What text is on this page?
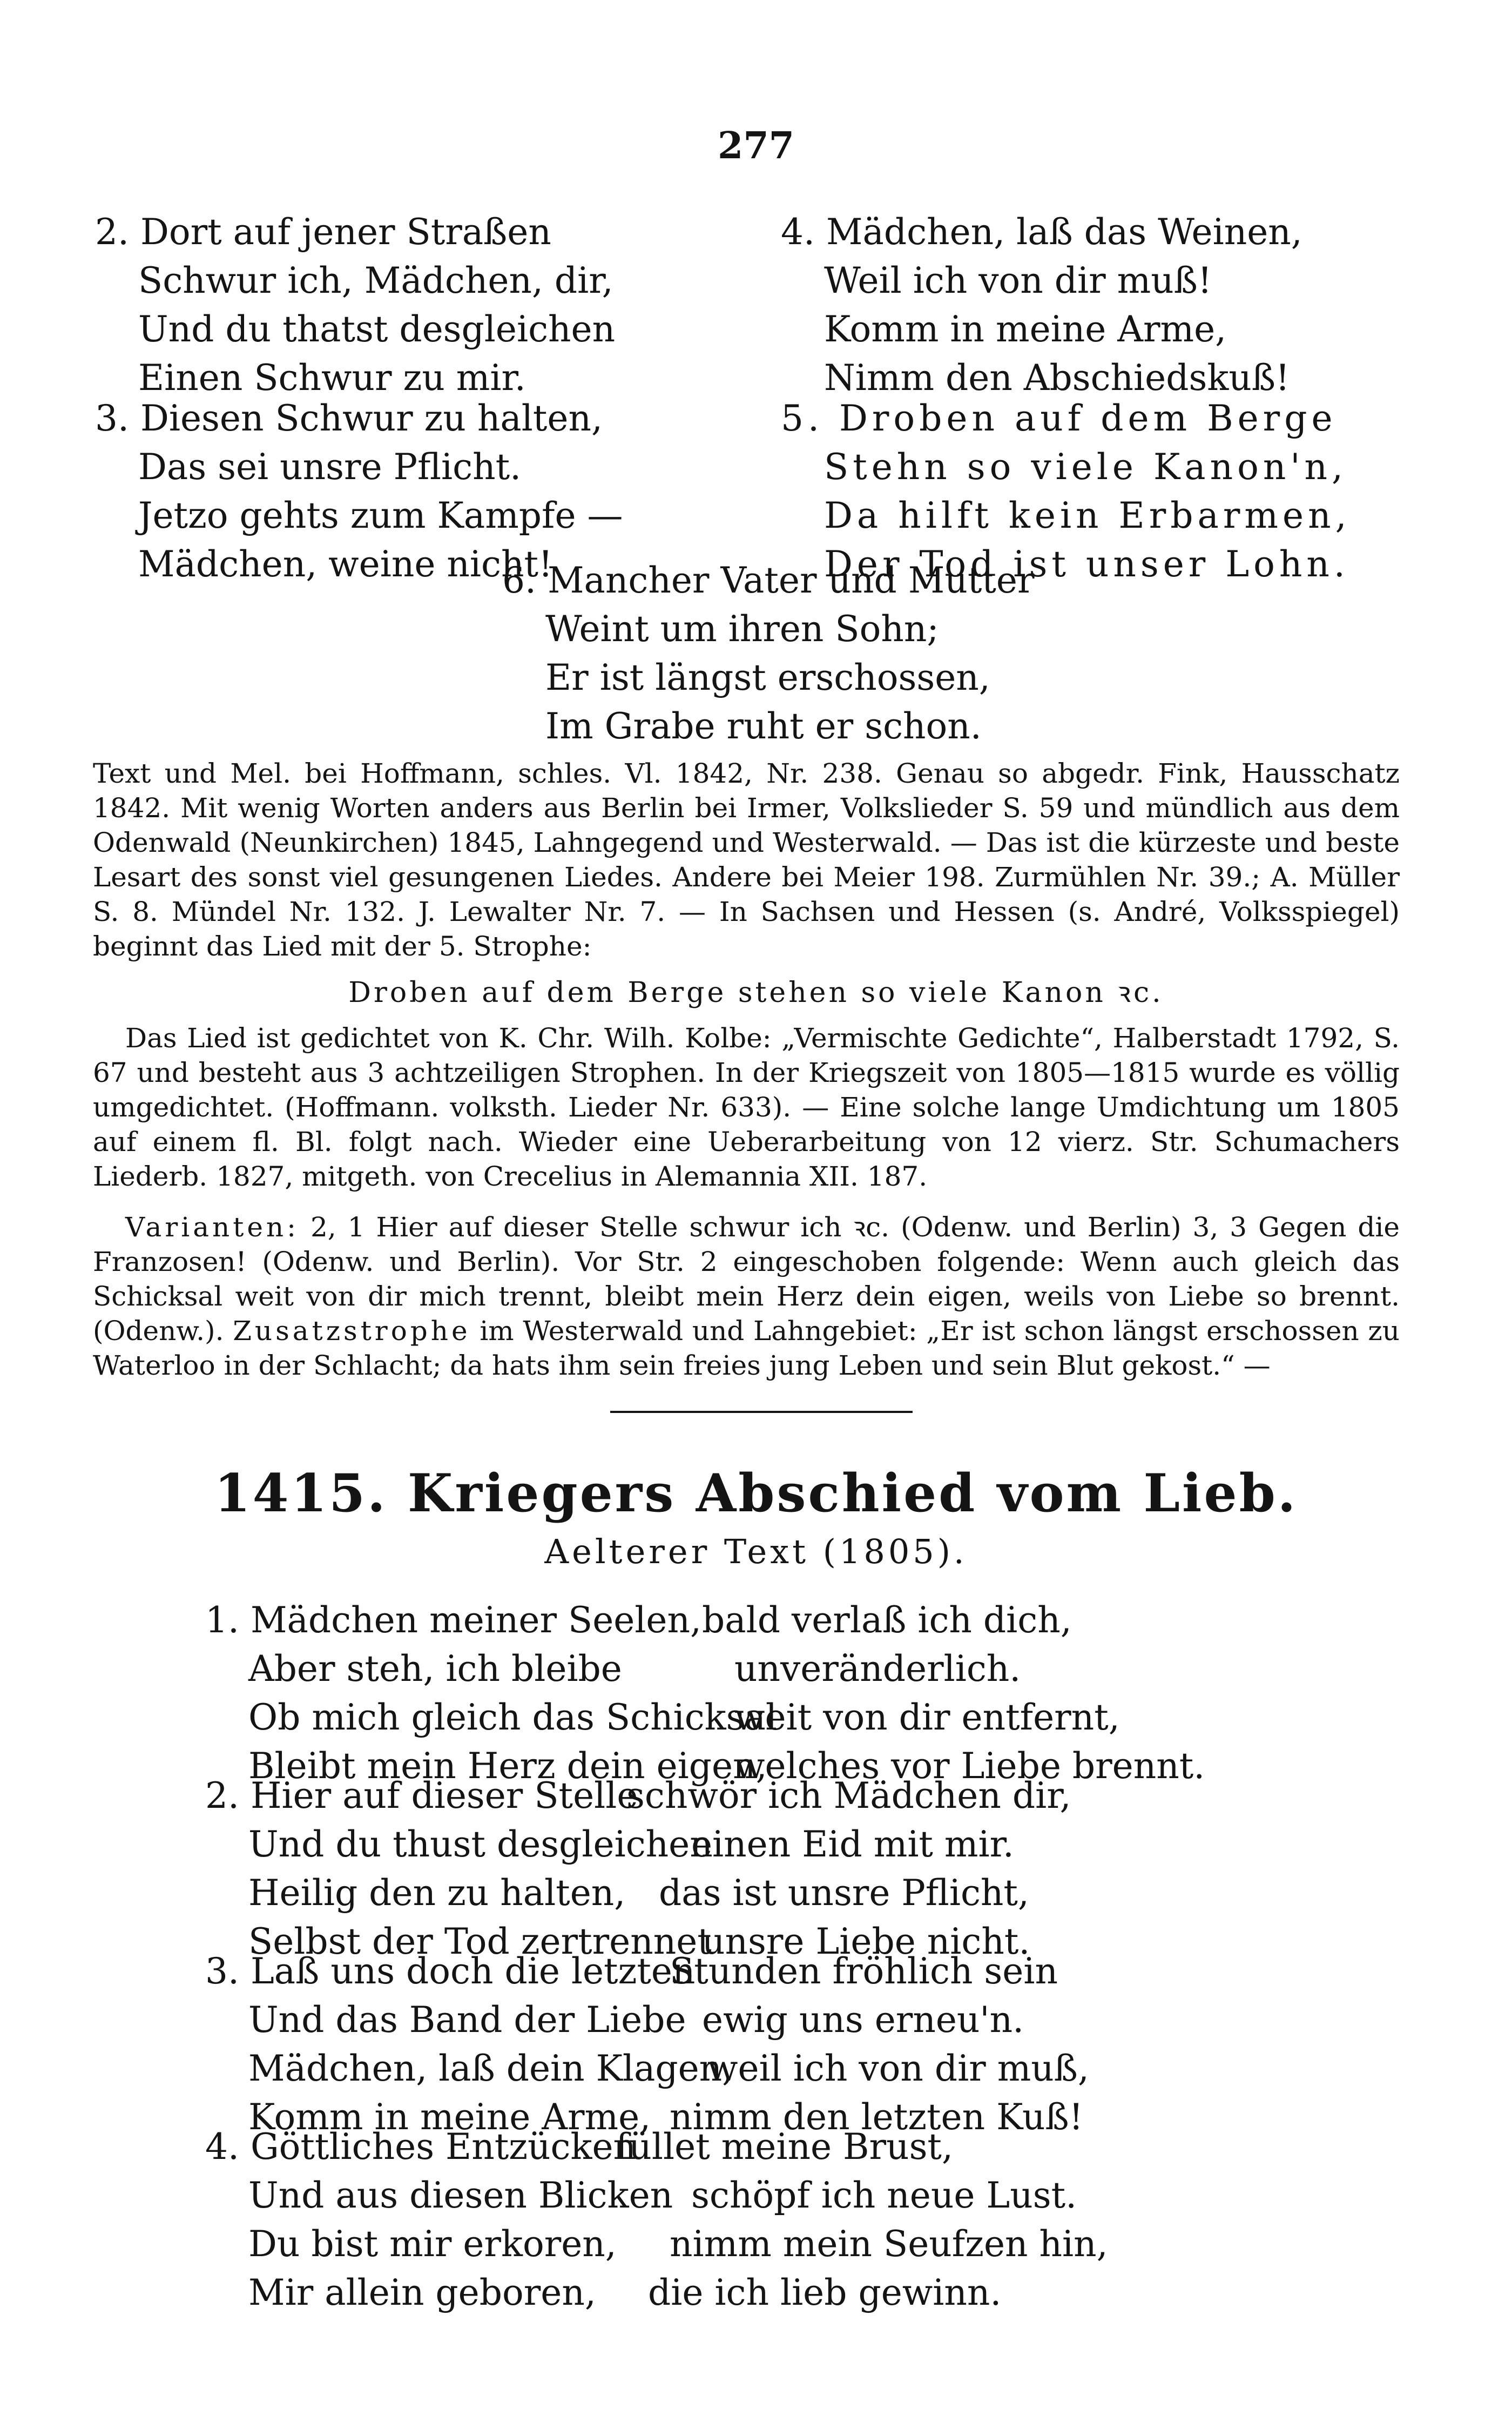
277
2. Dort auf jener Straßen
Schwur ich, Mädchen, dir,
Und du thatst desgleichen
Einen Schwur zu mir.
3. Diesen Schwur zu halten,
Das sei unsre Pflicht.
Jetzo gehts zum Kampfe —
Mädchen, weine nicht!
4. Mädchen, laß das Weinen,
Weil ich von dir muß!
Komm in meine Arme,
Nimm den Abschiedskuß!
5. Droben auf dem Berge
Stehn so viele Kanon'n,
Da hilft kein Erbarmen,
Der Tod ist unser Lohn.
6. Mancher Vater und Mutter
Weint um ihren Sohn;
Er ist längst erschossen,
Im Grabe ruht er schon.

Text und Mel. bei Hoffmann, schles. Vl. 1842, Nr. 238. Genau so abgedr. Fink, Hausschatz 1842. Mit wenig Worten anders aus Berlin bei Irmer, Volkslieder S. 59 und mündlich aus dem Odenwald (Neunkirchen) 1845, Lahngegend und Westerwald. — Das ist die kürzeste und beste Lesart des sonst viel gesungenen Liedes. Andere bei Meier 198. Zurmühlen Nr. 39.; A. Müller S. 8. Mündel Nr. 132. J. Lewalter Nr. 7. — In Sachsen und Hessen (s. André, Volksspiegel) beginnt das Lied mit der 5. Strophe:

Droben auf dem Berge stehen so viele Kanon ꝛc.

Das Lied ist gedichtet von K. Chr. Wilh. Kolbe: „Vermischte Gedichte“, Halberstadt 1792, S. 67 und besteht aus 3 achtzeiligen Strophen. In der Kriegszeit von 1805—1815 wurde es völlig umgedichtet. (Hoffmann. volksth. Lieder Nr. 633). — Eine solche lange Umdichtung um 1805 auf einem fl. Bl. folgt nach. Wieder eine Ueberarbeitung von 12 vierz. Str. Schumachers Liederb. 1827, mitgeth. von Crecelius in Alemannia XII. 187.

Varianten: 2, 1 Hier auf dieser Stelle schwur ich ꝛc. (Odenw. und Berlin) 3, 3 Gegen die Franzosen! (Odenw. und Berlin). Vor Str. 2 eingeschoben folgende: Wenn auch gleich das Schicksal weit von dir mich trennt, bleibt mein Herz dein eigen, weils von Liebe so brennt. (Odenw.). Zusatzstrophe im Westerwald und Lahngebiet: „Er ist schon längst erschossen zu Waterloo in der Schlacht; da hats ihm sein freies jung Leben und sein Blut gekost.“ —

1415. Kriegers Abschied vom Lieb.
Aelterer Text (1805).
1. Mädchen meiner Seelen, bald verlaß ich dich,
Aber steh, ich bleibe	unveränderlich.
Ob mich gleich das Schicksal
weit von dir entfernt,
Bleibt mein Herz dein eigen,
welches vor Liebe brennt.
2. Hier auf dieser Stelle
schwör ich Mädchen dir,
Und du thust desgleichen
einen Eid mit mir.
Heilig den zu halten, das ist unsre Pflicht,
Selbst der Tod zertrennet
unsre Liebe nicht.
3. Laß uns doch die letzten
Stunden fröhlich sein
Und das Band der Liebe ewig uns erneu'n.
Mädchen, laß dein Klagen,
weil ich von dir muß,
Komm in meine Arme, nimm den letzten Kuß!
4. Göttliches Entzücken
füllet meine Brust,
Und aus diesen Blicken schöpf ich neue Lust.
Du bist mir erkoren, nimm mein Seufzen hin,
Mir allein geboren, die ich lieb gewinn.
